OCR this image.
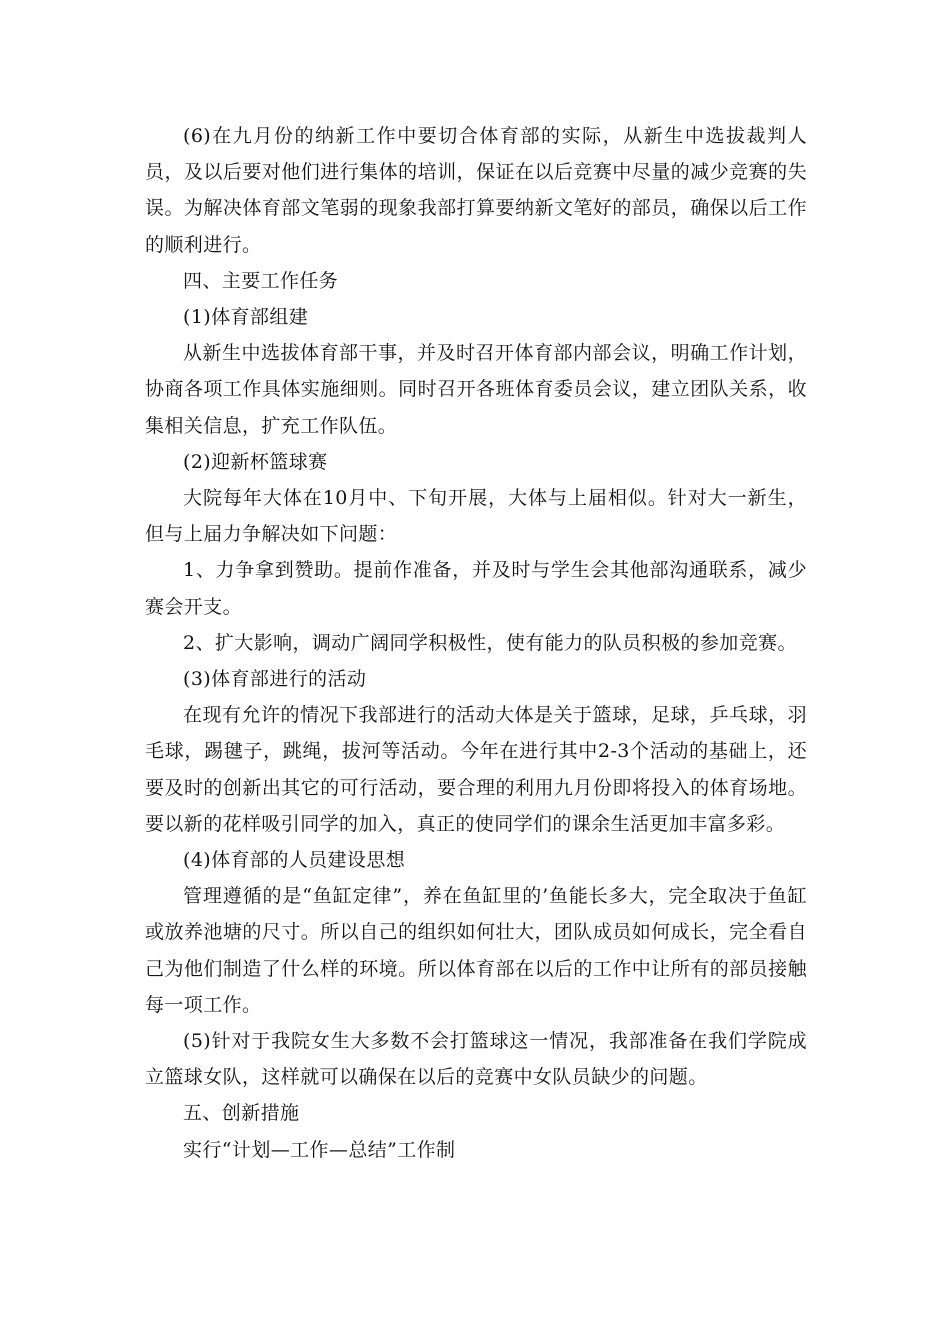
(6)在九月份的纳新工作中要切合体育部的实际，从新生中选拔裁判人员，及以后要对他们进行集体的培训，保证在以后竞赛中尽量的减少竞赛的失误。为解决体育部文笔弱的现象我部打算要纳新文笔好的部员，确保以后工作的顺利进行。

四、主要工作任务

(1)体育部组建

从新生中选拔体育部干事，并及时召开体育部内部会议，明确工作计划，协商各项工作具体实施细则。同时召开各班体育委员会议，建立团队关系，收集相关信息，扩充工作队伍。

(2)迎新杯篮球赛

大院每年大体在10月中、下旬开展，大体与上届相似。针对大一新生，但与上届力争解决如下问题：

1、力争拿到赞助。提前作准备，并及时与学生会其他部沟通联系，减少赛会开支。

2、扩大影响，调动广阔同学积极性，使有能力的队员积极的参加竞赛。

(3)体育部进行的活动

在现有允许的情况下我部进行的活动大体是关于篮球，足球，乒乓球，羽毛球，踢毽子，跳绳，拔河等活动。今年在进行其中2-3个活动的基础上，还要及时的创新出其它的可行活动，要合理的利用九月份即将投入的体育场地。要以新的花样吸引同学的加入，真正的使同学们的课余生活更加丰富多彩。

(4)体育部的人员建设思想

管理遵循的是“鱼缸定律”，养在鱼缸里的’鱼能长多大，完全取决于鱼缸或放养池塘的尺寸。所以自己的组织如何壮大，团队成员如何成长，完全看自己为他们制造了什么样的环境。所以体育部在以后的工作中让所有的部员接触每一项工作。

(5)针对于我院女生大多数不会打篮球这一情况，我部准备在我们学院成立篮球女队，这样就可以确保在以后的竞赛中女队员缺少的问题。

五、创新措施

实行“计划—工作—总结”工作制
